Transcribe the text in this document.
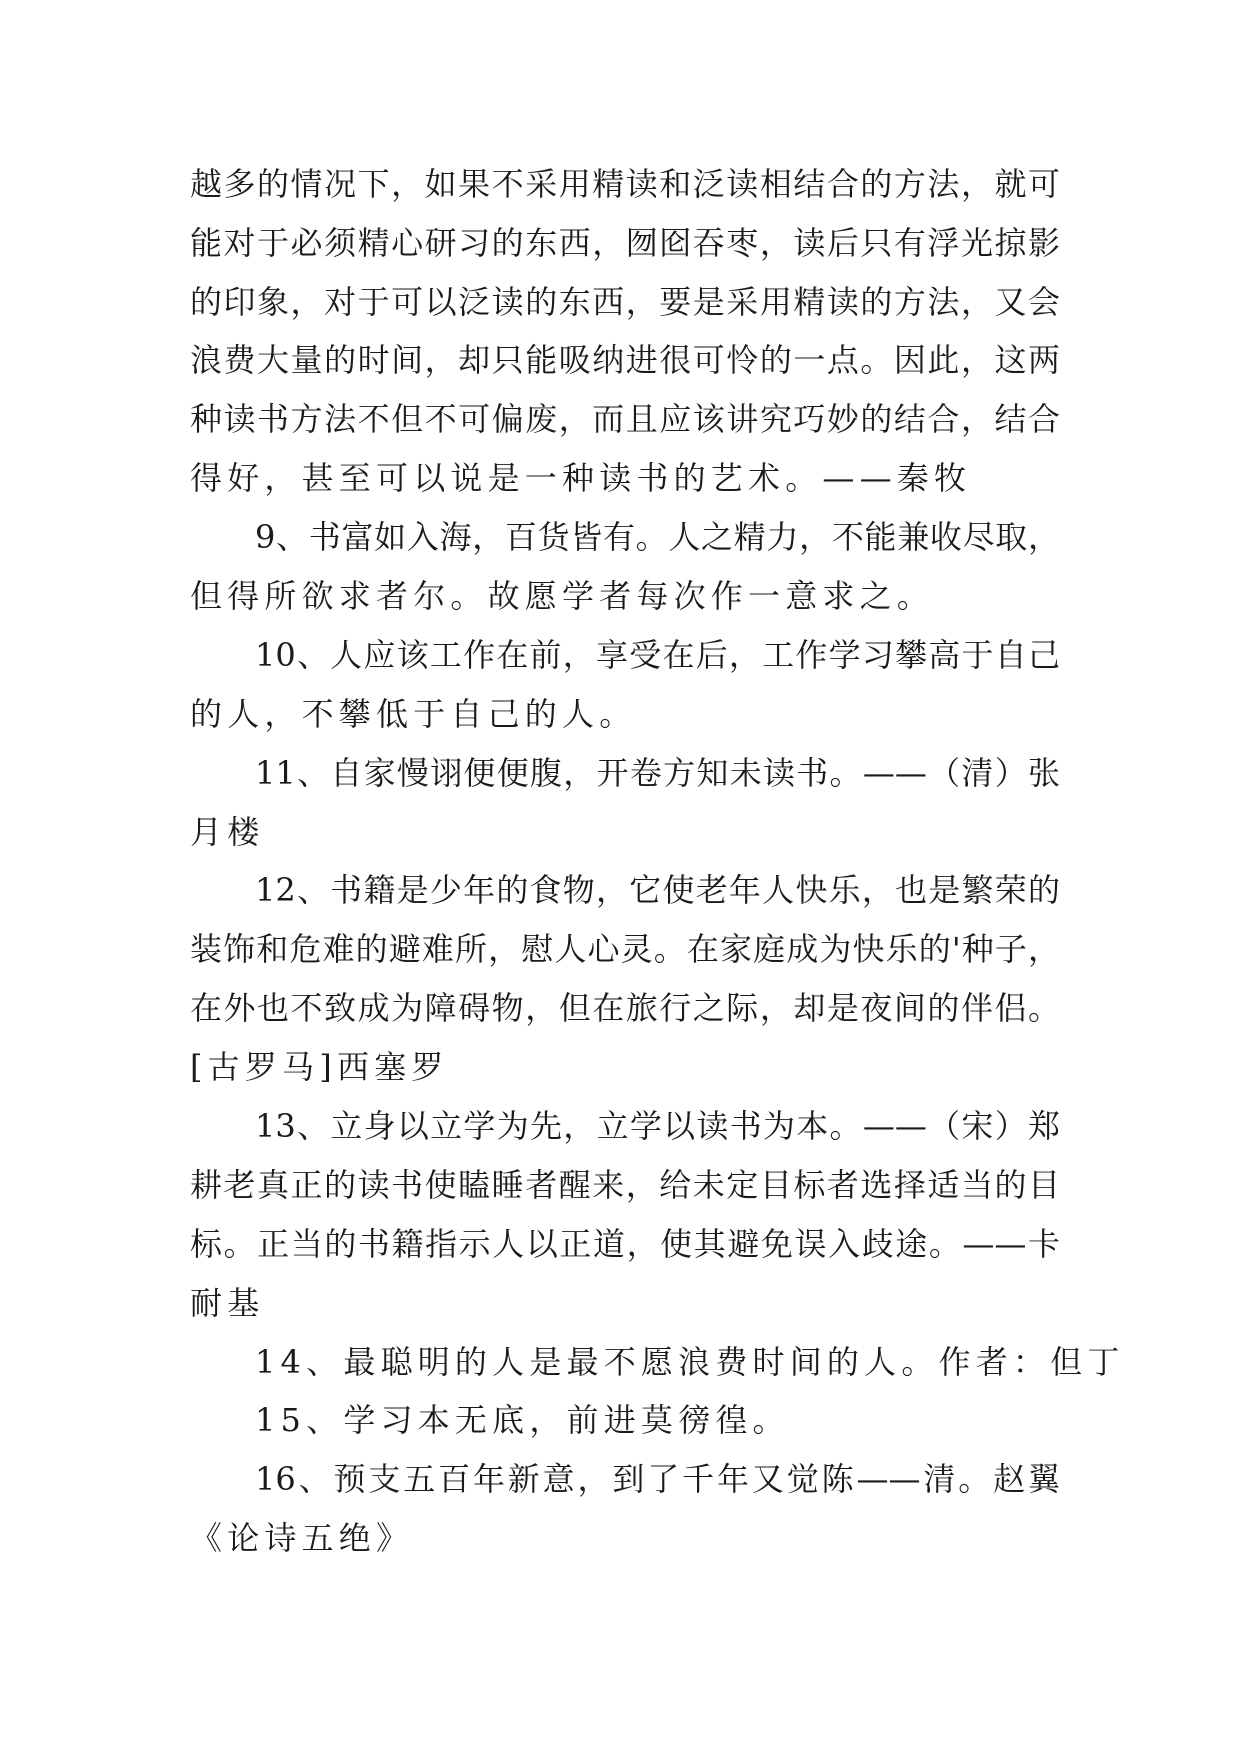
越多的情况下，如果不采用精读和泛读相结合的方法，就可
能对于必须精心研习的东西，囫囵吞枣，读后只有浮光掠影
的印象，对于可以泛读的东西，要是采用精读的方法，又会
浪费大量的时间，却只能吸纳进很可怜的一点。因此，这两
种读书方法不但不可偏废，而且应该讲究巧妙的结合，结合
得好，甚至可以说是一种读书的艺术。——秦牧
9、书富如入海，百货皆有。人之精力，不能兼收尽取，
但得所欲求者尔。故愿学者每次作一意求之。
10、人应该工作在前，享受在后，工作学习攀高于自己
的人，不攀低于自己的人。
11、自家慢诩便便腹，开卷方知未读书。——（清）张
月楼
12、书籍是少年的食物，它使老年人快乐，也是繁荣的
装饰和危难的避难所，慰人心灵。在家庭成为快乐的'种子，
在外也不致成为障碍物，但在旅行之际，却是夜间的伴侣。
[古罗马]西塞罗
13、立身以立学为先，立学以读书为本。——（宋）郑
耕老真正的读书使瞌睡者醒来，给未定目标者选择适当的目
标。正当的书籍指示人以正道，使其避免误入歧途。——卡
耐基
14、最聪明的人是最不愿浪费时间的人。作者：但丁
15、学习本无底，前进莫徬徨。
16、预支五百年新意，到了千年又觉陈——清。赵翼
《论诗五绝》
